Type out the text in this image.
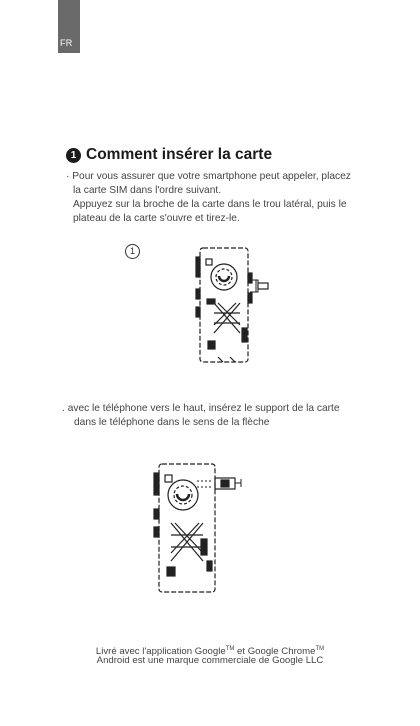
FR
1 Comment insérer la carte
· Pour vous assurer que votre smartphone peut appeler, placez
la carte SIM dans l'ordre suivant.
Appuyez sur la broche de la carte dans le trou latéral, puis le
plateau de la carte s'ouvre et tirez-le.
1
. avec le téléphone vers le haut, insérez le support de la carte
dans le téléphone dans le sens de la flèche
Livré avec l'application Google™ et Google Chrome™
Android est une marque commerciale de Google LLC
